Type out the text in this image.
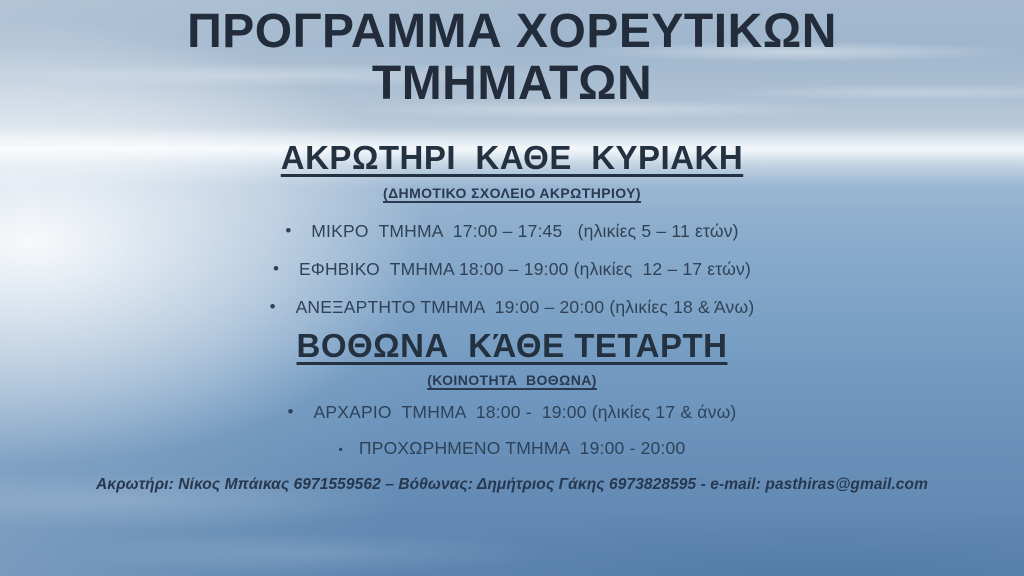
ΠΡΟΓΡΑΜΜΑ ΧΟΡΕΥΤΙΚΩΝ ΤΜΗΜΑΤΩΝ
ΑΚΡΩΤΗΡΙ  ΚΑΘΕ  ΚΥΡΙΑΚΗ
(ΔΗΜΟΤΙΚΟ ΣΧΟΛΕΙΟ ΑΚΡΩΤΗΡΙΟΥ)
• ΜΙΚΡΟ  ΤΜΗΜΑ  17:00 – 17:45   (ηλικίες 5 – 11 ετών)
• ΕΦΗΒΙΚΟ  ΤΜΗΜΑ 18:00 – 19:00 (ηλικίες  12 – 17 ετών)
• ΑΝΕΞΑΡΤΗΤΟ ΤΜΗΜΑ  19:00 – 20:00 (ηλικίες 18 & Άνω)
ΒΟΘΩΝΑ  ΚΆΘΕ ΤΕΤΑΡΤΗ
(ΚΟΙΝΟΤΗΤΑ  ΒΟΘΩΝΑ)
• ΑΡΧΑΡΙΟ  ΤΜΗΜΑ  18:00 -  19:00 (ηλικίες 17 & άνω)
▪ ΠΡΟΧΩΡΗΜΕΝΟ ΤΜΗΜΑ  19:00 - 20:00
Ακρωτήρι: Νίκος Μπάικας 6971559562 – Βόθωνας: Δημήτριος Γάκης 6973828595 - e-mail: pasthiras@gmail.com
